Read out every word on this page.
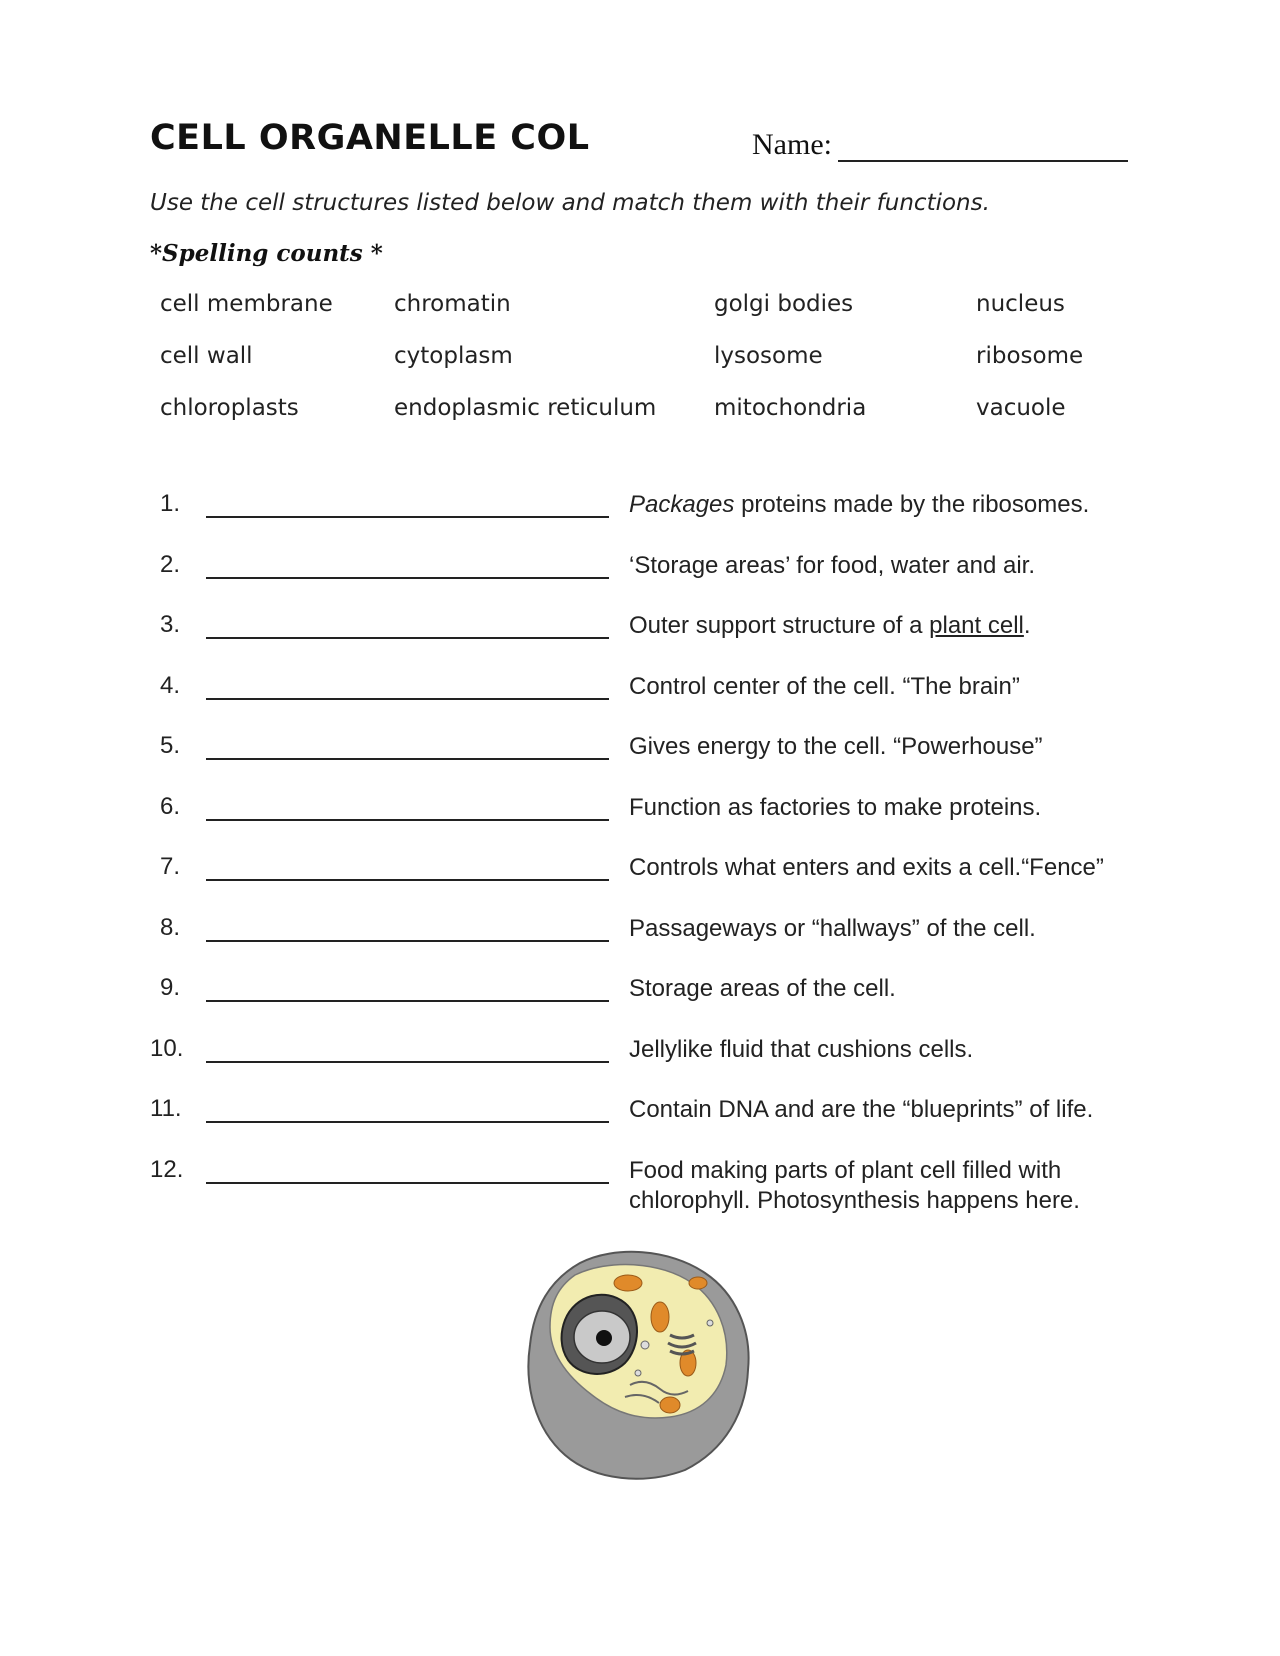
CELL ORGANELLE COL	Name:
Use the cell structures listed below and match them with their functions.
*Spelling counts *
cell membrane	chromatin	golgi bodies	nucleus
cell wall	cytoplasm	lysosome	ribosome
chloroplasts	endoplasmic reticulum	mitochondria	vacuole
1.	Packages proteins made by the ribosomes.
2.	‘Storage areas’ for food, water and air.
3.	Outer support structure of a plant cell.
4.	Control center of the cell. “The brain”
5.	Gives energy to the cell. “Powerhouse”
6.	Function as factories to make proteins.
7.	Controls what enters and exits a cell.“Fence”
8.	Passageways or “hallways” of the cell.
9.	Storage areas of the cell.
10.	Jellylike fluid that cushions cells.
11.	Contain DNA and are the “blueprints” of life.
12.	Food making parts of plant cell filled with chlorophyll. Photosynthesis happens here.
